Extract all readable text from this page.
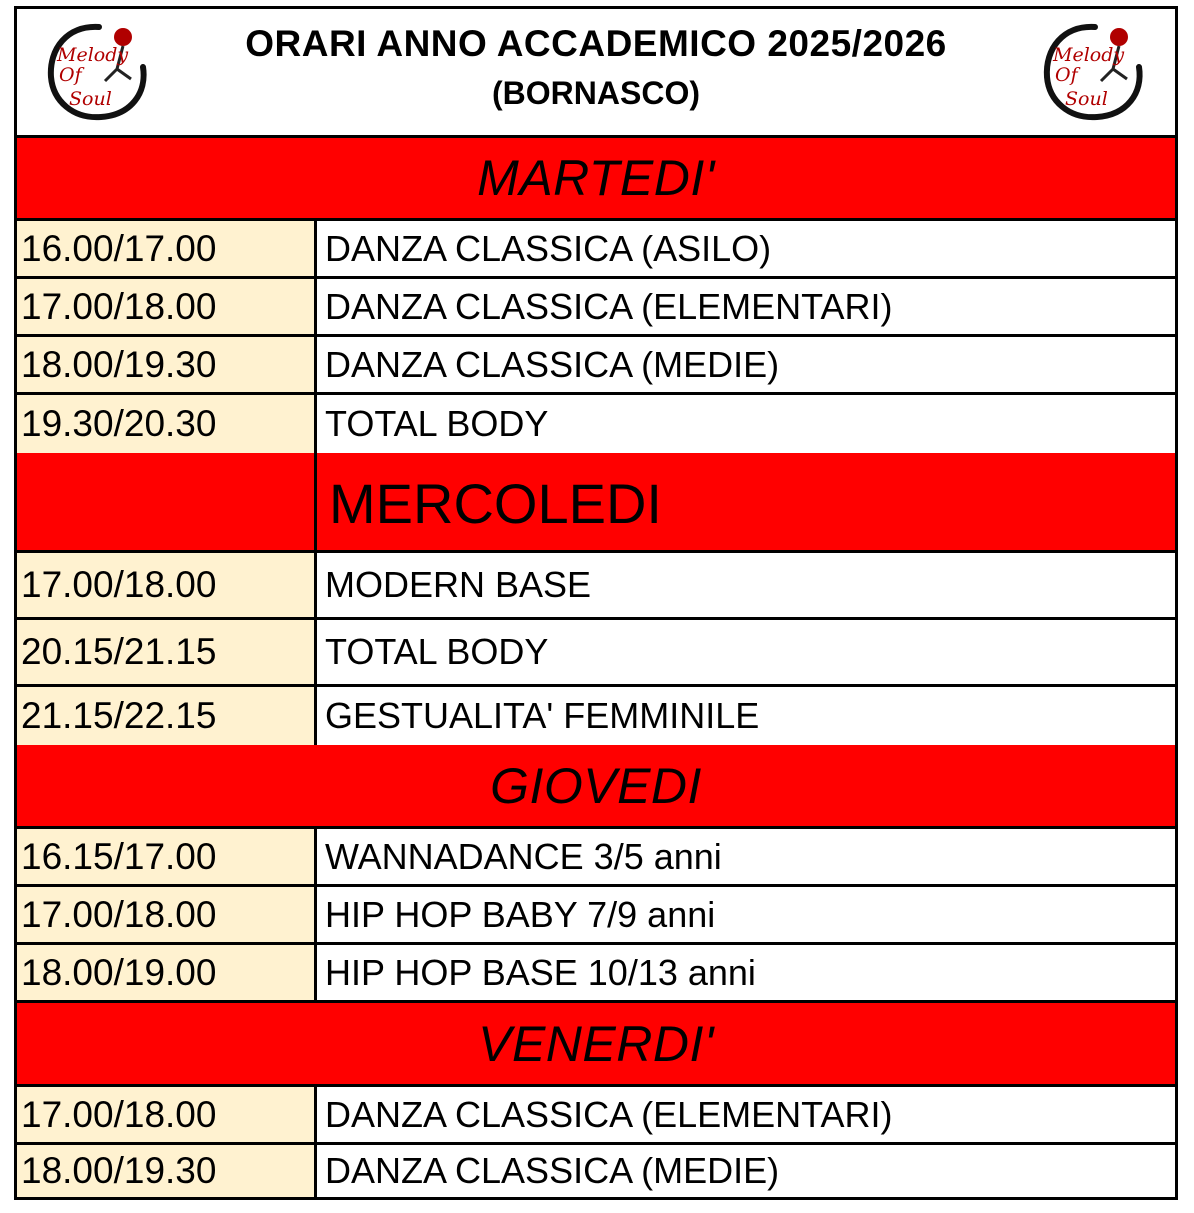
Melody
Of
Soul
ORARI ANNO ACCADEMICO 2025/2026
(BORNASCO)
Melody
Of
Soul
MARTEDI'
16.00/17.00	DANZA CLASSICA (ASILO)
17.00/18.00	DANZA CLASSICA (ELEMENTARI)
18.00/19.30	DANZA CLASSICA (MEDIE)
19.30/20.30	TOTAL BODY
MERCOLEDI
17.00/18.00	MODERN BASE
20.15/21.15	TOTAL BODY
21.15/22.15	GESTUALITA' FEMMINILE
GIOVEDI
16.15/17.00	WANNADANCE 3/5 anni
17.00/18.00	HIP HOP BABY 7/9 anni
18.00/19.00	HIP HOP BASE 10/13 anni
VENERDI'
17.00/18.00	DANZA CLASSICA (ELEMENTARI)
18.00/19.30	DANZA CLASSICA (MEDIE)
